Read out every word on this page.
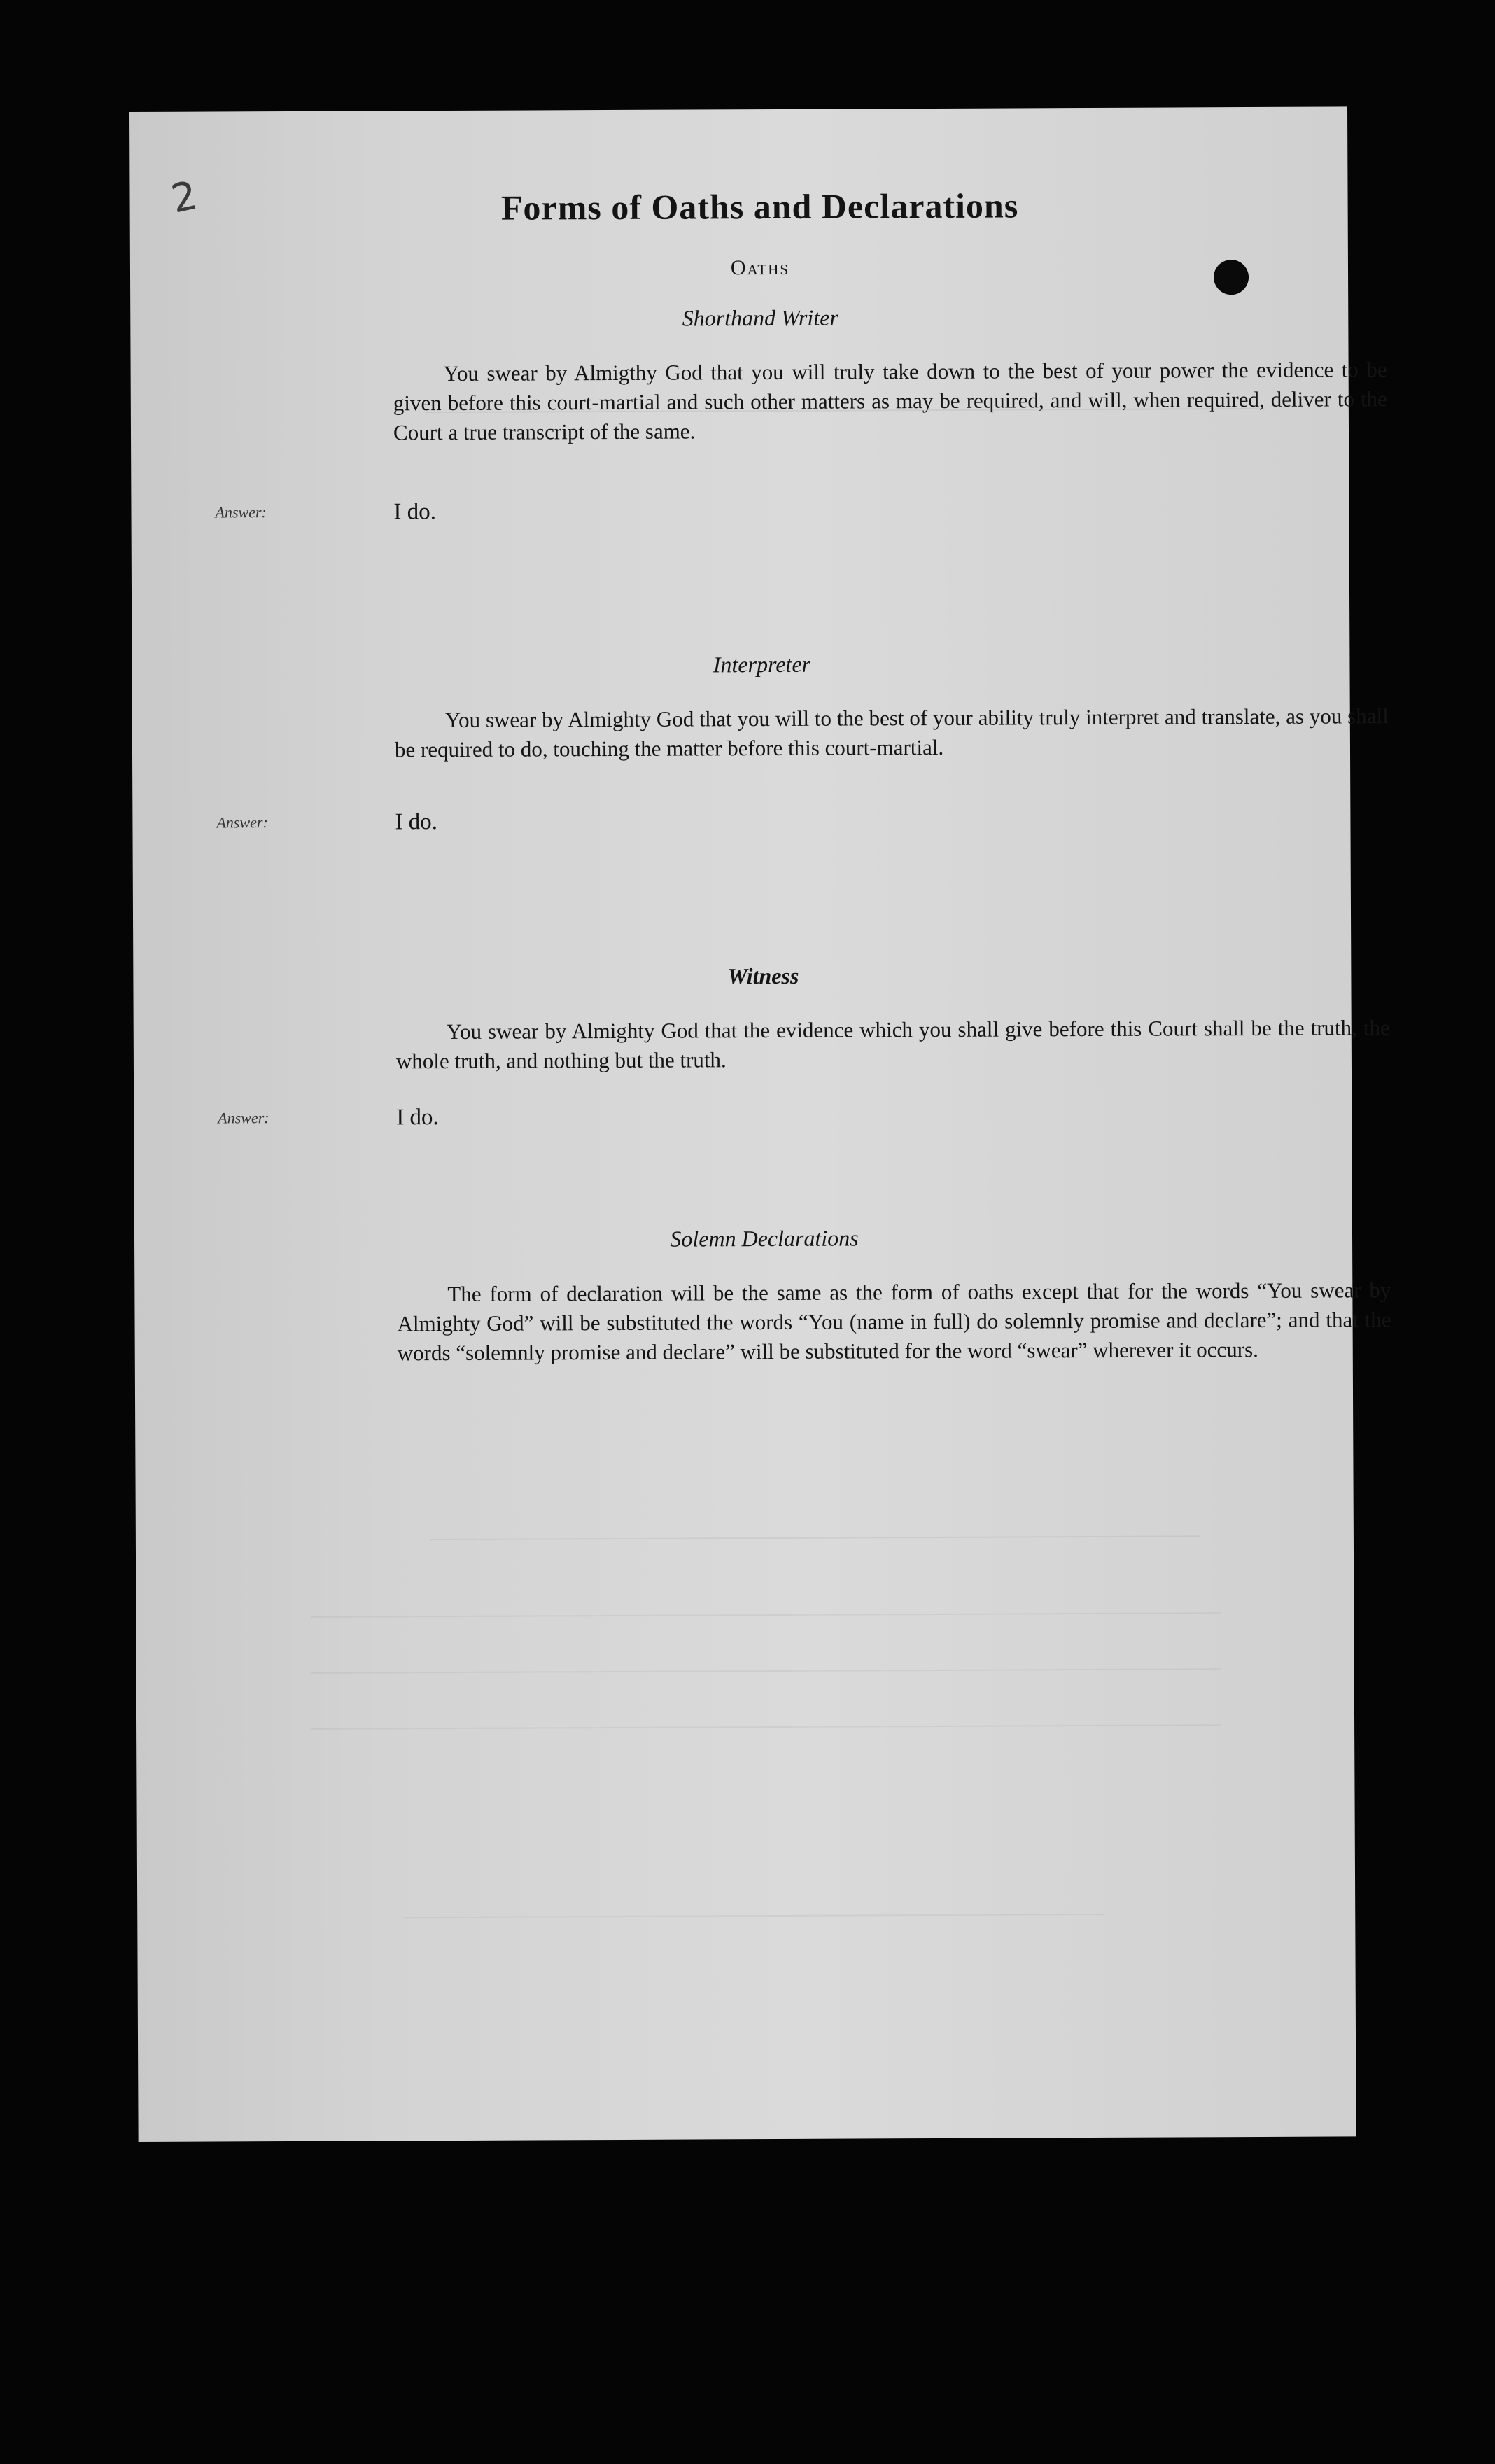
2	Forms of Oaths and Declarations
Oaths
Shorthand Writer
You swear by Almigthy God that you will truly take down to the best of your power the evidence to be given before this court-martial and such other matters as may be required, and will, when required, deliver to the Court a true transcript of the same.
Answer:	I do.
Interpreter
You swear by Almighty God that you will to the best of your ability truly interpret and translate, as you shall be required to do, touching the matter before this court-martial.
Answer:	I do.
Witness
You swear by Almighty God that the evidence which you shall give before this Court shall be the truth, the whole truth, and nothing but the truth.
Answer:	I do.
Solemn Declarations
The form of declaration will be the same as the form of oaths except that for the words “You swear by Almighty God” will be substituted the words “You (name in full) do solemnly promise and declare”; and that the words “solemnly promise and declare” will be substituted for the word “swear” wherever it occurs.
